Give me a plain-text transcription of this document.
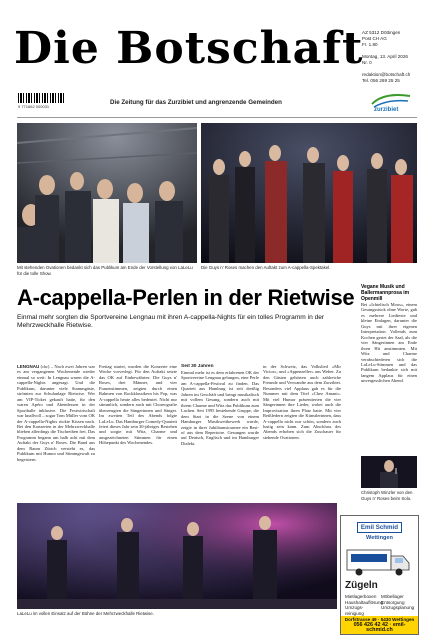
Die Botschaft
AZ 5312 Döttingen
Post CH AG
Fr. 1.80

Montag, 13. April 2026
Nr. 0

redaktion@botschaft.ch
Tel. 056 269 25 25
9 771662 000031
Die Zeitung für das Zurzibiet und angrenzende Gemeinden
zurzibiet
Mit stehenden Ovationen bedankt sich das Publikum am Ende der Vorstellung von LaLeLu für die tolle Show.
Die Guys n' Roses machen den Auftakt zum A-cappella-Spektakel.
A-cappella-Perlen in der Rietwise
Einmal mehr sorgten die Sportvereine Lengnau mit ihren A-cappella-Nights für ein tolles Programm in der Mehrzweckhalle Rietwise.
LENGNAU (chr) – Nach zwei Jahren war es am vergangenen Wochenende wieder einmal so weit: In Lengnau waren die A-cappella-Nights angesagt. Und die Publikum, darunter viele Stammgäste, strömten zur Schulanlage Rietwise. Wer am VIP-Ticket gekauft hatte, für den waren Apéro und Abendessen in der Sporthalle inklusive. Die Festwirtschaft war knallvoll – sogar Tom Müller vom OK der A-cappella-Nights rückte Kissen nach. Bei den Konzerten in der Mehrzweckhalle blieben allerdings die Tischreihen frei. Das Programm begann um halb acht mit dem Auftakt der Guys n' Roses. Die Band aus dem Raum Zürich versteht es, das Publikum mit Humor und Stimmgewalt zu begeistern.
Freitag startet, wurden die Konzerte eine Woche vorverlegt. Für den Auftakt setzte das OK auf Einbewährtes: Die Guys n' Roses, drei Männer, und vier Frauenstimmen, zeigten durch einen Rahmen von Rockklassikern bis Pop, was A-cappella heute alles bedeutet. Nicht nur stimmlich, sondern auch mit Choreografie überzeugten die Sängerinnen und Sänger. Im zweiten Teil des Abends folgte LaLeLu. Das Hamburger Comedy-Quartett feiert dieses Jahr sein 30-jähriges Bestehen und sorgte mit Witz, Charme und ausgezeichneten Stimmen für einen Höhepunkt des Wochenendes.
Seit 30 Jahren
Einmal mehr ist es dem erfahrenen OK der Sportvereine Lengnau gelungen, eine Perle am A-cappella-Festival zu finden. Das Quartett aus Hamburg ist seit dreißig Jahren im Geschäft und bringt musikalisch mit vollem Gesang, sondern auch mit ihrem Charme und Witz das Publikum zum Lachen. Seit 1995 bestehende Gruppe, die dem Start in die Szene von einem Hamburger Musikwettbewerb wurde, zeigte in ihrer Jubiläumstournee ein Best-of aus dem Repertoire. Gesungen wurde auf Deutsch, Englisch und im Hamburger Dialekt.
in der Schweiz, das Volkslied «Mir Victor»; und «Appenzeller» aus Weber. Zu den Gästen gehörten auch zahlreiche Freunde und Verwandte aus dem Zurzibiet. Besonders viel Applaus gab es für die Nummer mit dem Titel «Chez Amani». Mit viel Humor präsentierten die vier Sängerinnen ihre Lieder, wobei auch die Improvisation ihren Platz hatte. Mit vier Reißfedern zeigten die Künstlerinnen, dass A-cappella nicht nur schön, sondern auch lustig sein kann. Zum Abschluss des Abends erhoben sich die Zuschauer für stehende Ovationen.
Vegane Musik und Ballermannprosa im Openmill
Bei «Ichtelisch Moos», einem Gesangsstück ohne Worte, gab es mehrere Liedtexte und kleine Einlagen, darunter die Guys mit ihrer eigenen Interpretation. Vollends zum Kochen geriet der Saal, als die vier Sängerinnen am Ende ihren Hit anstimmten. Mit Witz und Charme verabschiedeten sich die LaLeLu-Stimmen und das Publikum bedankte sich mit langem Applaus für einen unvergesslichen Abend.
Christoph Winzler von den Guys n' Roses beim Solo.
LaLeLu im vollen Einsatz auf der Bühne der Mehrzweckhalle Rietwise.
Emil Schmid
Wettingen
Zügeln
Mietlagerboxen
Haushaltauflösung
Umzugsreinigung
Möbellager
Entsorgung
Umzugsplanung
Dorfstrasse 49 · 5430 Wettingen
056 426 42 42 · emil-schmid.ch
